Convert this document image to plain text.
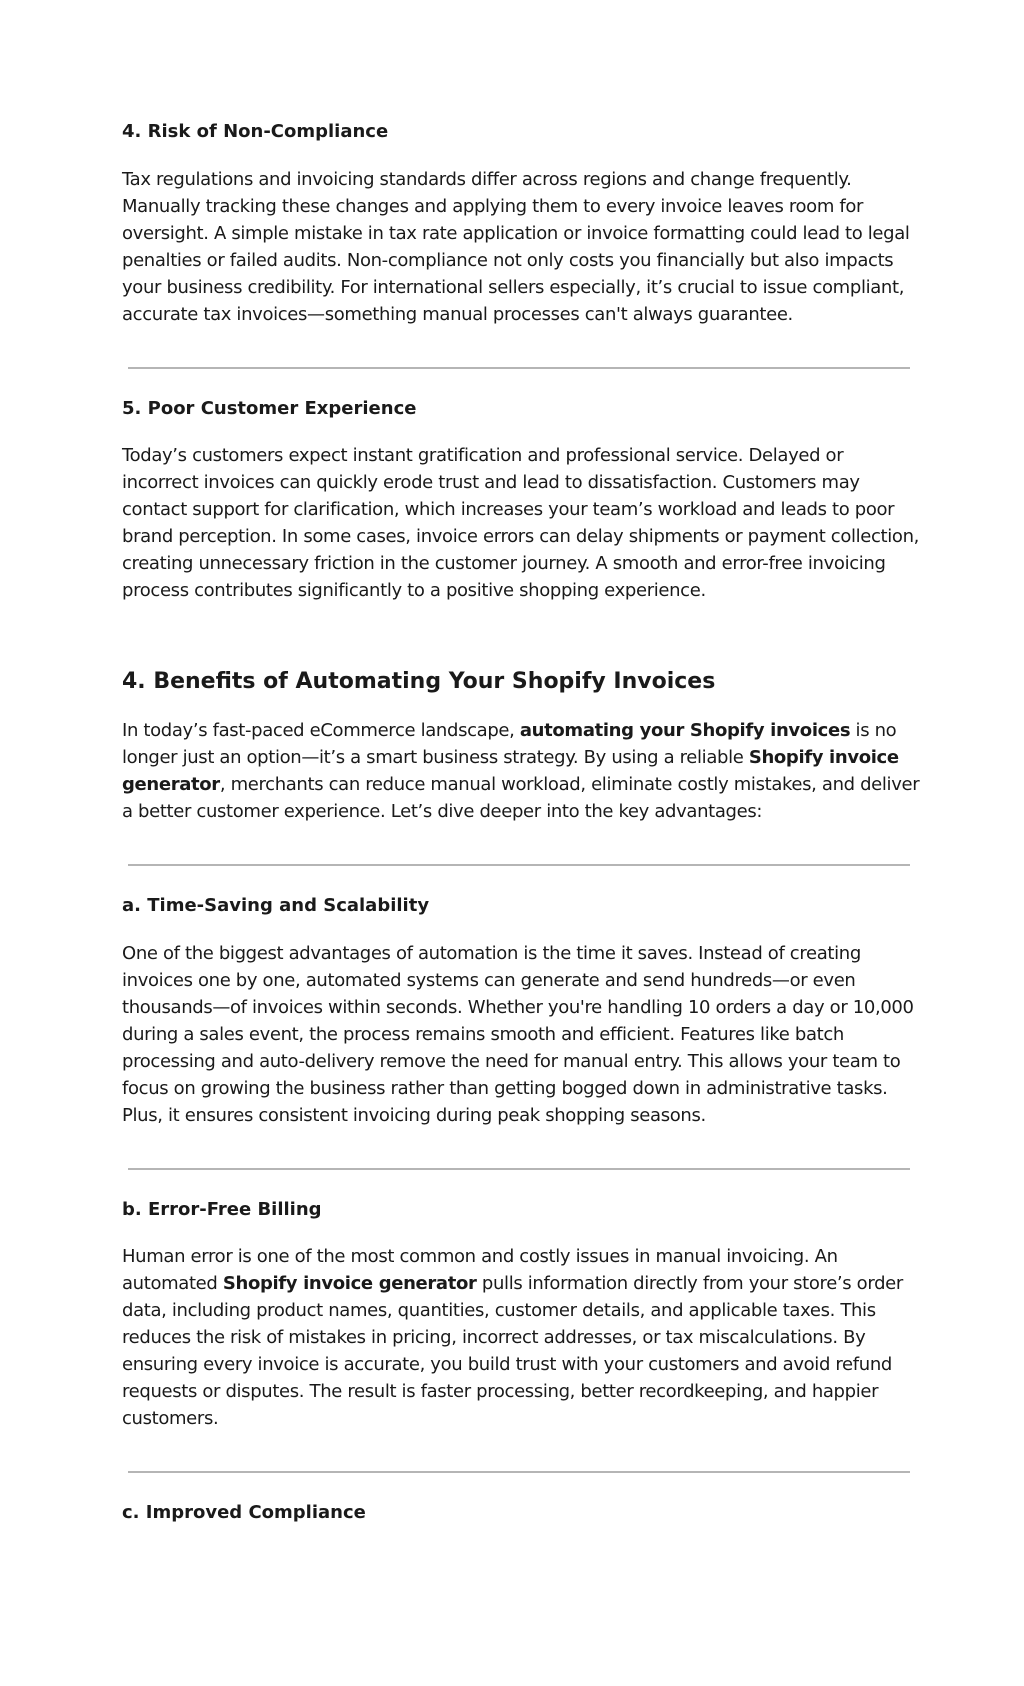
4. Risk of Non-Compliance

Tax regulations and invoicing standards differ across regions and change frequently. Manually tracking these changes and applying them to every invoice leaves room for oversight. A simple mistake in tax rate application or invoice formatting could lead to legal penalties or failed audits. Non-compliance not only costs you financially but also impacts your business credibility. For international sellers especially, it’s crucial to issue compliant, accurate tax invoices—something manual processes can't always guarantee.

5. Poor Customer Experience

Today’s customers expect instant gratification and professional service. Delayed or incorrect invoices can quickly erode trust and lead to dissatisfaction. Customers may contact support for clarification, which increases your team’s workload and leads to poor brand perception. In some cases, invoice errors can delay shipments or payment collection, creating unnecessary friction in the customer journey. A smooth and error-free invoicing process contributes significantly to a positive shopping experience.

4. Benefits of Automating Your Shopify Invoices

In today’s fast-paced eCommerce landscape, automating your Shopify invoices is no longer just an option—it’s a smart business strategy. By using a reliable Shopify invoice generator, merchants can reduce manual workload, eliminate costly mistakes, and deliver a better customer experience. Let’s dive deeper into the key advantages:

a. Time-Saving and Scalability

One of the biggest advantages of automation is the time it saves. Instead of creating invoices one by one, automated systems can generate and send hundreds—or even thousands—of invoices within seconds. Whether you're handling 10 orders a day or 10,000 during a sales event, the process remains smooth and efficient. Features like batch processing and auto-delivery remove the need for manual entry. This allows your team to focus on growing the business rather than getting bogged down in administrative tasks. Plus, it ensures consistent invoicing during peak shopping seasons.

b. Error-Free Billing

Human error is one of the most common and costly issues in manual invoicing. An automated Shopify invoice generator pulls information directly from your store’s order data, including product names, quantities, customer details, and applicable taxes. This reduces the risk of mistakes in pricing, incorrect addresses, or tax miscalculations. By ensuring every invoice is accurate, you build trust with your customers and avoid refund requests or disputes. The result is faster processing, better recordkeeping, and happier customers.

c. Improved Compliance
